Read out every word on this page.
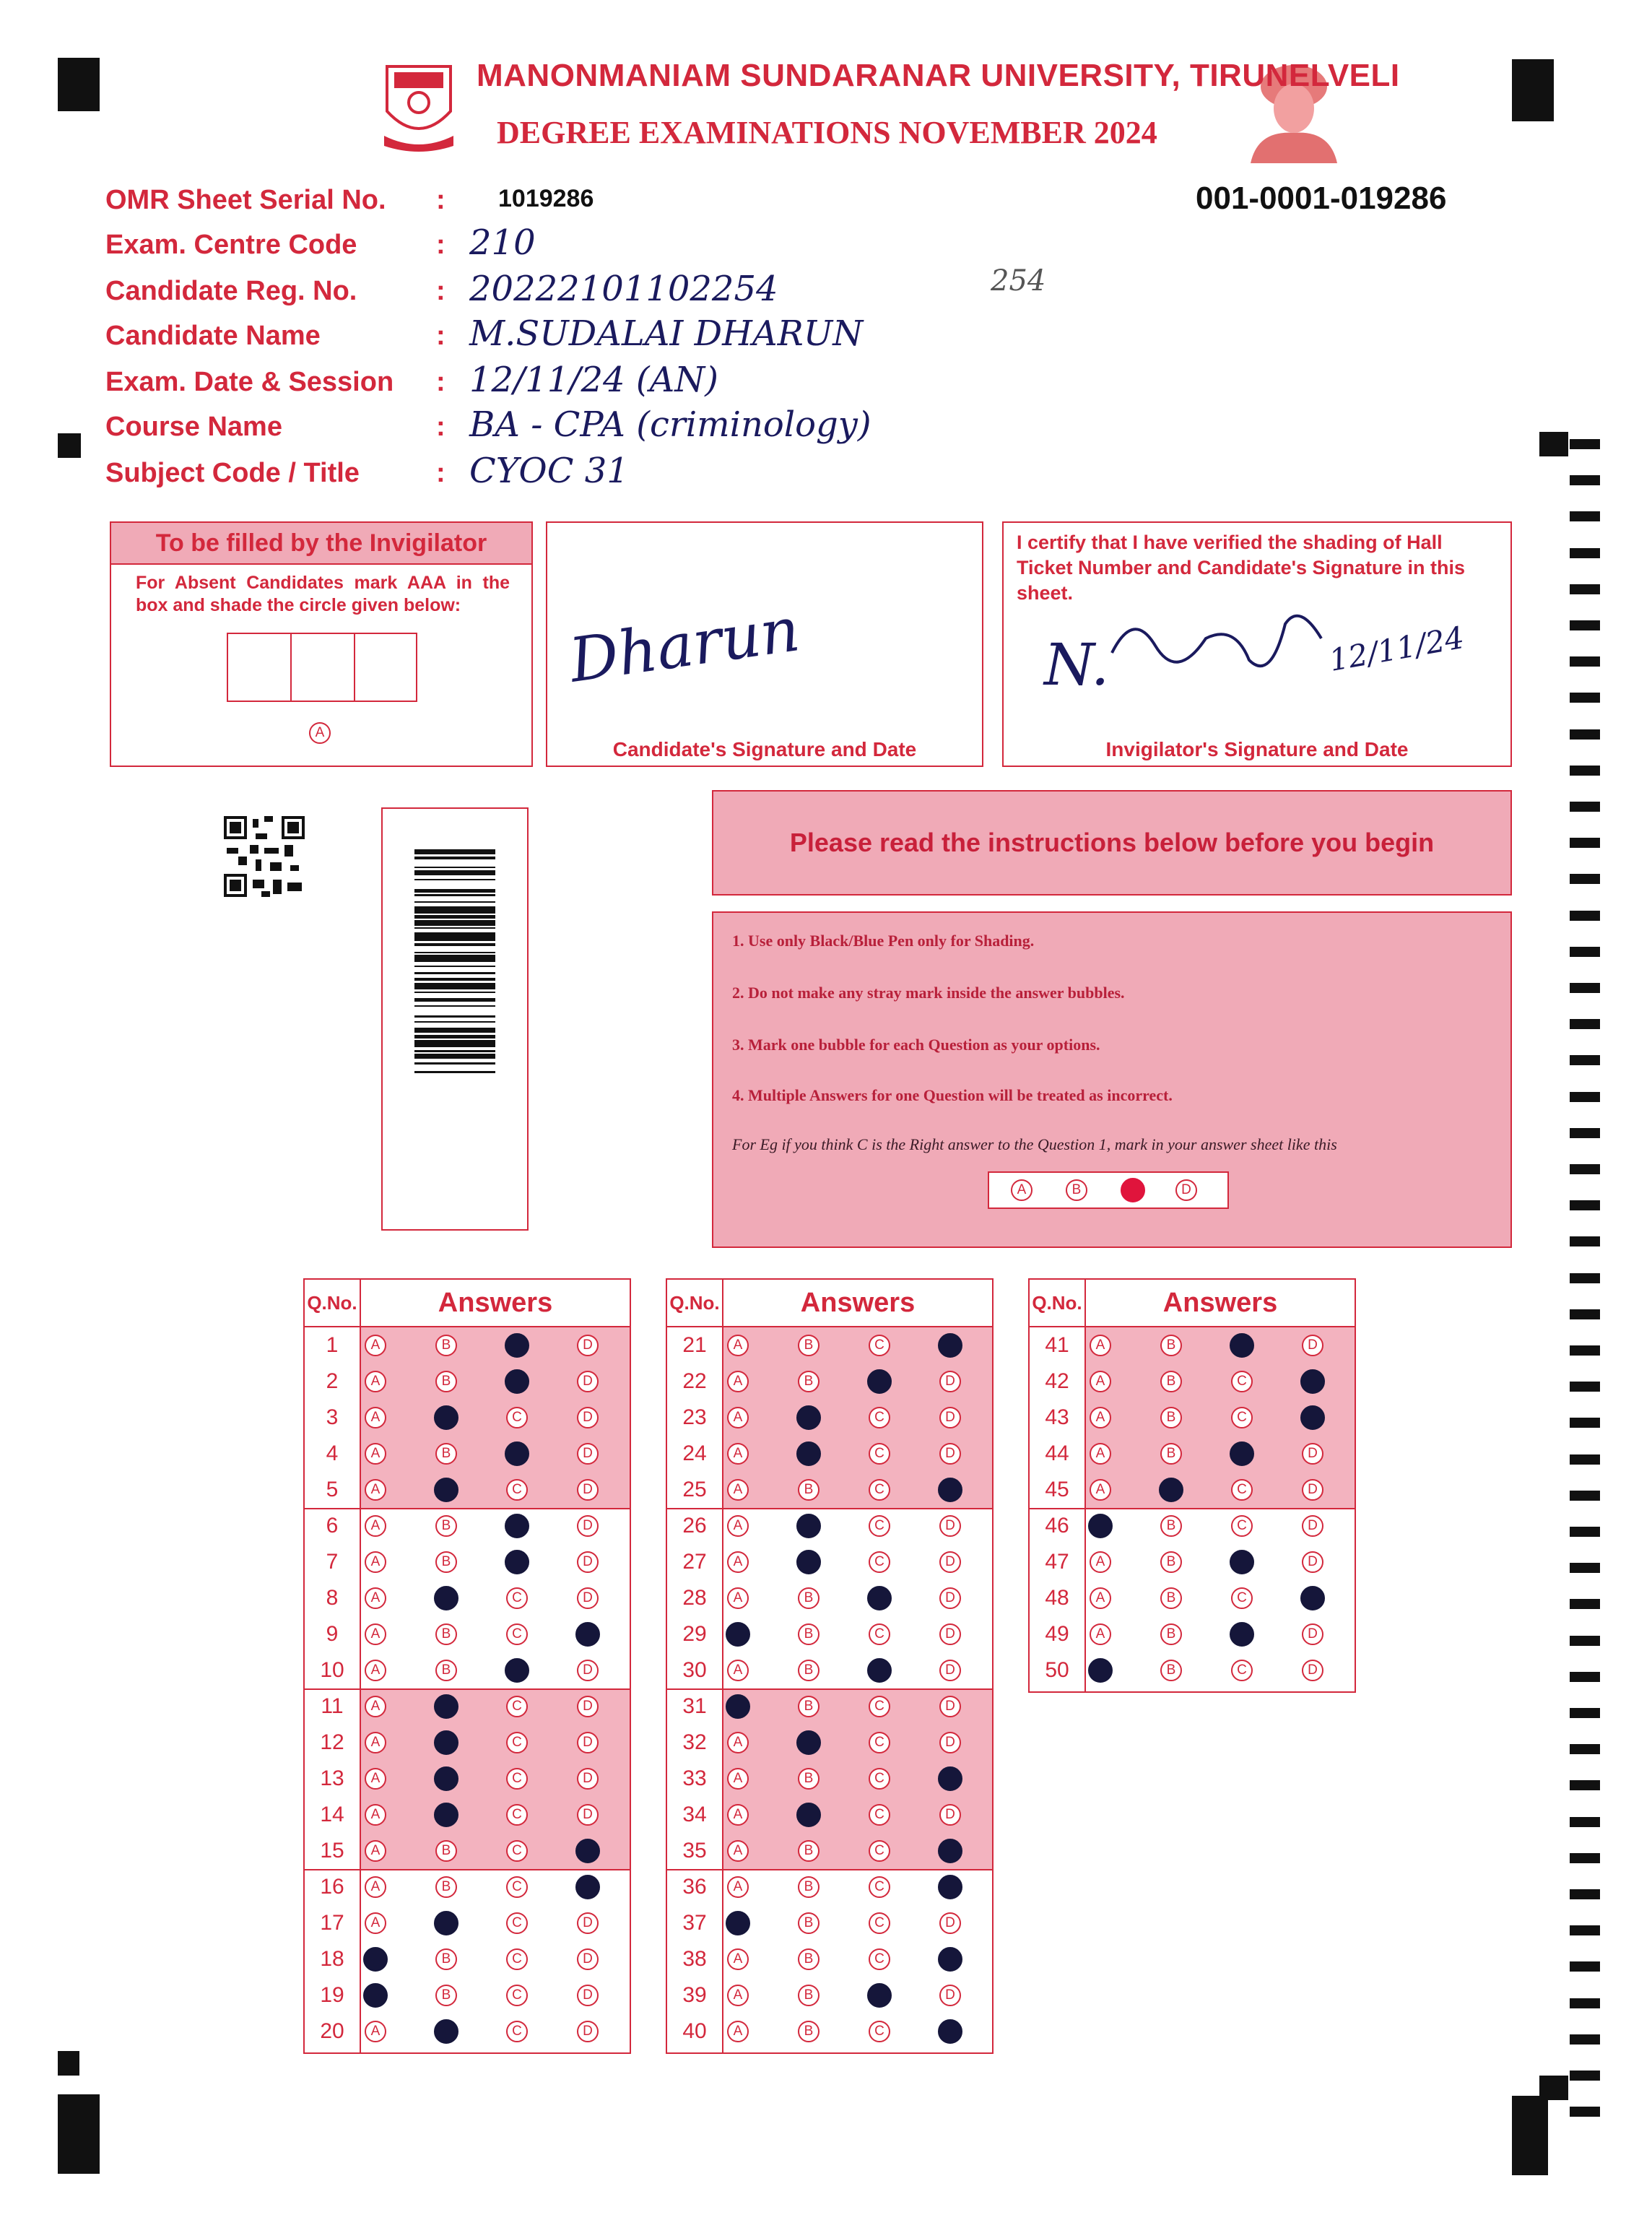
MANONMANIAM SUNDARANAR UNIVERSITY, TIRUNELVELI
DEGREE EXAMINATIONS NOVEMBER 2024
001-0001-019286
OMR Sheet Serial No. : 1019286
Exam. Centre Code	: 210
Candidate Reg. No.	: 20222101102254
Candidate Name	: M.SUDALAI DHARUN
Exam. Date & Session : 12/11/24 (AN)
Course Name	: BA - CPA (criminology)
Subject Code / Title	: CYOC 31
254
To be filled by the Invigilator
For Absent Candidates mark AAA in the box and shade the circle given below:
A
Dharun
Candidate's Signature and Date
I certify that I have verified the shading of Hall Ticket Number and Candidate's Signature in this sheet.
N.	12/11/24
Invigilator's Signature and Date
Please read the instructions below before you begin
1. Use only Black/Blue Pen only for Shading.
2. Do not make any stray mark inside the answer bubbles.
3. Mark one bubble for each Question as your options.
4. Multiple Answers for one Question will be treated as incorrect.
For Eg if you think C is the Right answer to the Question 1, mark in your answer sheet like this
A	B	D
Q.No.	Answers
1	A	B	D
2	A	B	D
3	A	C	D
4	A	B	D
5	A	C	D
6	A	B	D
7	A	B	D
8	A	C	D
9	A	B	C
10	A	B	D
11	A	C	D
12	A	C	D
13	A	C	D
14	A	C	D
15	A	B	C
16	A	B	C
17	A	C	D
18	B	C	D
19	B	C	D
20	A	C	D
Q.No.	Answers
21	A	B	C
22	A	B	D
23	A	C	D
24	A	C	D
25	A	B	C
26	A	C	D
27	A	C	D
28	A	B	D
29	B	C	D
30	A	B	D
31	B	C	D
32	A	C	D
33	A	B	C
34	A	C	D
35	A	B	C
36	A	B	C
37	B	C	D
38	A	B	C
39	A	B	D
40	A	B	C
Q.No.	Answers
41	A	B	D
42	A	B	C
43	A	B	C
44	A	B	D
45	A	C	D
46	B	C	D
47	A	B	D
48	A	B	C
49	A	B	D
50	B	C	D
